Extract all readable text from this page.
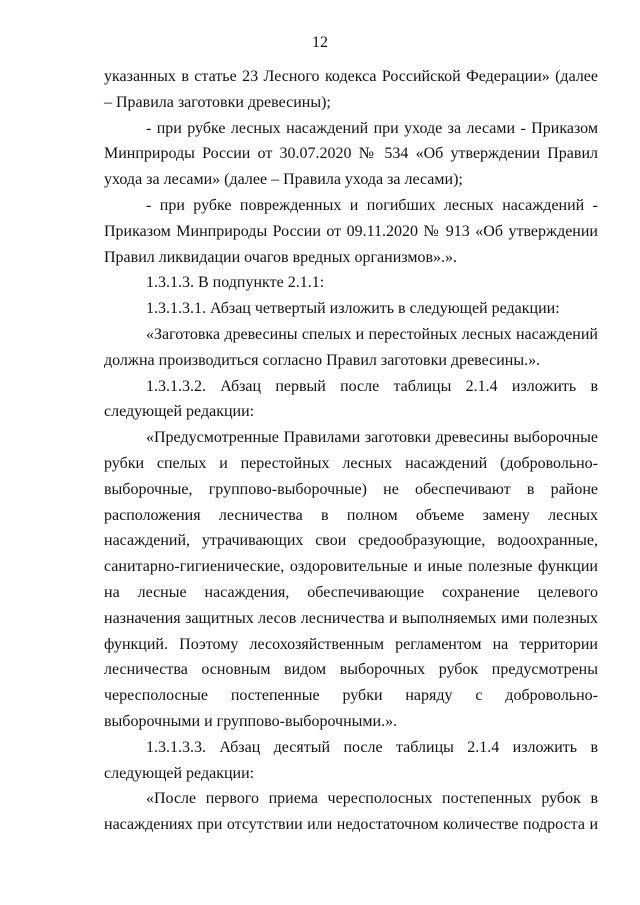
12

указанных в статье 23 Лесного кодекса Российской Федерации» (далее – Правила заготовки древесины);

- при рубке лесных насаждений при уходе за лесами - Приказом Минприроды России от 30.07.2020 № 534 «Об утверждении Правил ухода за лесами» (далее – Правила ухода за лесами);

- при рубке поврежденных и погибших лесных насаждений - Приказом Минприроды России от 09.11.2020 № 913 «Об утверждении Правил ликвидации очагов вредных организмов».».

1.3.1.3. В подпункте 2.1.1:

1.3.1.3.1. Абзац четвертый изложить в следующей редакции:

«Заготовка древесины спелых и перестойных лесных насаждений должна производиться согласно Правил заготовки древесины.».

1.3.1.3.2. Абзац первый после таблицы 2.1.4 изложить в следующей редакции:

«Предусмотренные Правилами заготовки древесины выборочные рубки спелых и перестойных лесных насаждений (добровольно-выборочные, групповo-выборочные) не обеспечивают в районе расположения лесничества в полном объеме замену лесных насаждений, утрачивающих свои средообразующие, водоохранные, санитарно-гигиенические, оздоровительные и иные полезные функции на лесные насаждения, обеспечивающие сохранение целевого назначения защитных лесов лесничества и выполняемых ими полезных функций. Поэтому лесохозяйственным регламентом на территории лесничества основным видом выборочных рубок предусмотрены чересполосные постепенные рубки наряду с добровольно-выборочными и групповo-выборочными.».

1.3.1.3.3. Абзац десятый после таблицы 2.1.4 изложить в следующей редакции:

«После первого приема чересполосных постепенных рубок в насаждениях при отсутствии или недостаточном количестве подроста и
